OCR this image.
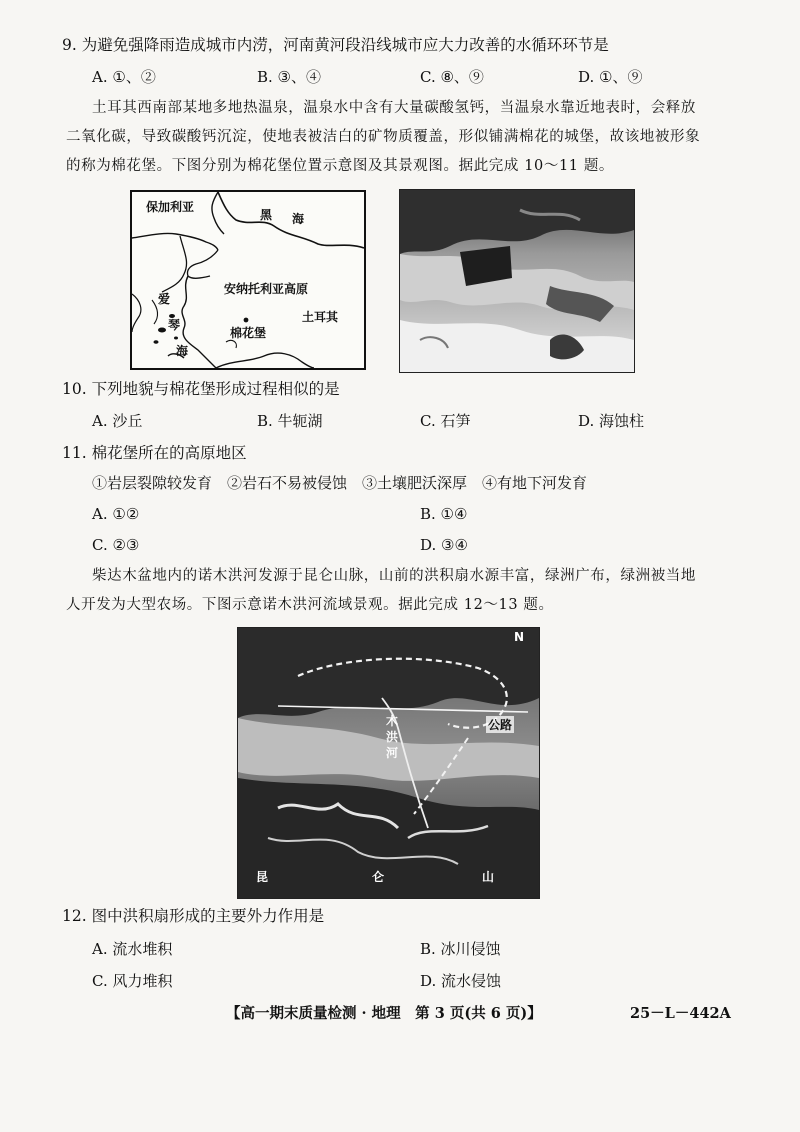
9. 为避免强降雨造成城市内涝，河南黄河段沿线城市应大力改善的水循环环节是
A. ①、②	B. ③、④	C. ⑧、⑨	D. ①、⑨
土耳其西南部某地多地热温泉，温泉水中含有大量碳酸氢钙，当温泉水靠近地表时，会释放
二氧化碳，导致碳酸钙沉淀，使地表被洁白的矿物质覆盖，形似铺满棉花的城堡，故该地被形象
的称为棉花堡。下图分别为棉花堡位置示意图及其景观图。据此完成 10～11 题。
保加利亚
黑 海
爱
琴
海
安纳托利亚高原
棉花堡
土耳其
10. 下列地貌与棉花堡形成过程相似的是
A. 沙丘	B. 牛轭湖	C. 石笋	D. 海蚀柱
11. 棉花堡所在的高原地区
①岩层裂隙较发育　②岩石不易被侵蚀　③土壤肥沃深厚　④有地下河发育
A. ①②	B. ①④
C. ②③	D. ③④
柴达木盆地内的诺木洪河发源于昆仑山脉，山前的洪积扇水源丰富，绿洲广布，绿洲被当地
人开发为大型农场。下图示意诺木洪河流域景观。据此完成 12～13 题。
N
公路
木
洪
河
昆	仑	山
12. 图中洪积扇形成的主要外力作用是
A. 流水堆积	B. 冰川侵蚀
C. 风力堆积	D. 流水侵蚀
【高一期末质量检测 · 地理　第 3 页(共 6 页)】	25－L－442A
